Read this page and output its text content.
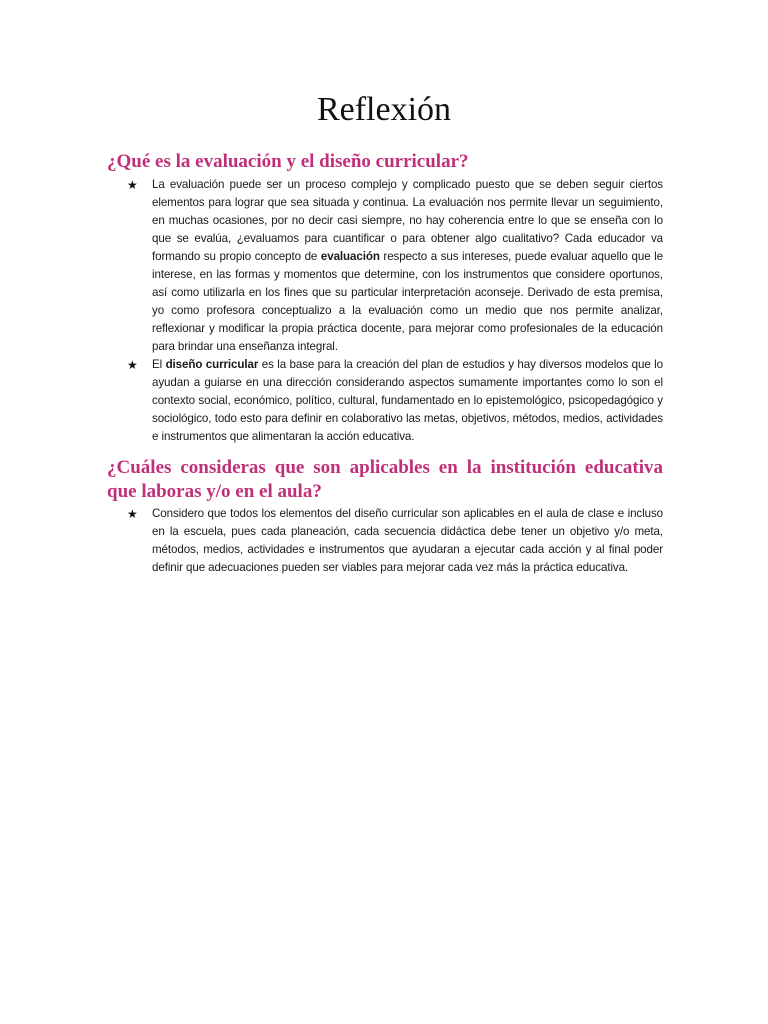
Reflexión
¿Qué es la evaluación y el diseño curricular?
★ La evaluación puede ser un proceso complejo y complicado puesto que se deben seguir ciertos elementos para lograr que sea situada y continua. La evaluación nos permite llevar un seguimiento, en muchas ocasiones, por no decir casi siempre, no hay coherencia entre lo que se enseña con lo que se evalúa, ¿evaluamos para cuantificar o para obtener algo cualitativo? Cada educador va formando su propio concepto de evaluación respecto a sus intereses, puede evaluar aquello que le interese, en las formas y momentos que determine, con los instrumentos que considere oportunos, así como utilizarla en los fines que su particular interpretación aconseje. Derivado de esta premisa, yo como profesora conceptualizo a la evaluación como un medio que nos permite analizar, reflexionar y modificar la propia práctica docente, para mejorar como profesionales de la educación para brindar una enseñanza integral.
★ El diseño curricular es la base para la creación del plan de estudios y hay diversos modelos que lo ayudan a guiarse en una dirección considerando aspectos sumamente importantes como lo son el contexto social, económico, político, cultural, fundamentado en lo epistemológico, psicopedagógico y sociológico, todo esto para definir en colaborativo las metas, objetivos, métodos, medios, actividades e instrumentos que alimentaran la acción educativa.
¿Cuáles consideras que son aplicables en la institución educativa que laboras y/o en el aula?
★ Considero que todos los elementos del diseño curricular son aplicables en el aula de clase e incluso en la escuela, pues cada planeación, cada secuencia didáctica debe tener un objetivo y/o meta, métodos, medios, actividades e instrumentos que ayudaran a ejecutar cada acción y al final poder definir que adecuaciones pueden ser viables para mejorar cada vez más la práctica educativa.
